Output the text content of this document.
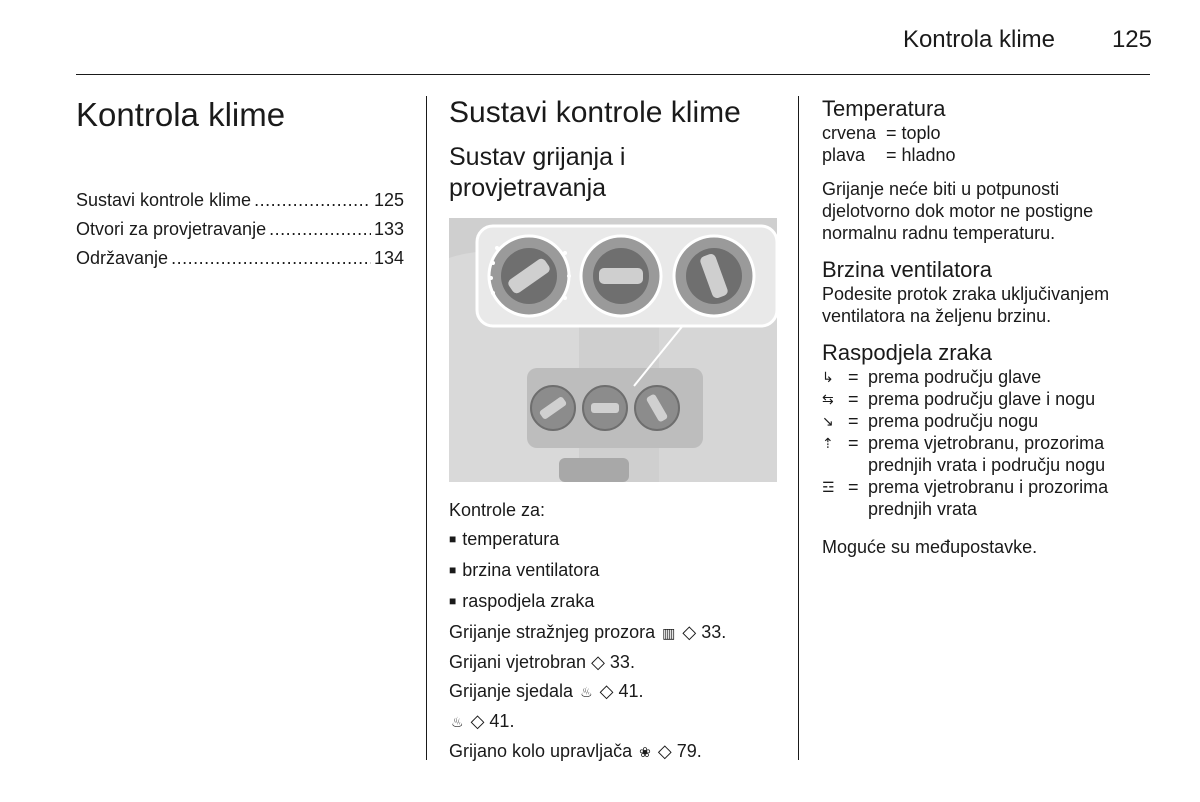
Kontrola klime 125
Kontrola klime
Sustavi kontrole klime .....	125
Otvori za provjetravanje .....	133
Održavanje .....	134
Sustavi kontrole klime
Sustav grijanja i
provjetravanja
Kontrole za:
■ temperatura
■ brzina ventilatora
■ raspodjela zraka
Grijanje stražnjeg prozora ▥ ◇ 33.
Grijani vjetrobran ◇ 33.
Grijanje sjedala ♨ ◇ 41.
♨ ◇ 41.
Grijano kolo upravljača ❀ ◇ 79.
Temperatura
crvena = toplo
plava	= hladno
Grijanje neće biti u potpunosti
djelotvorno dok motor ne postigne
normalnu radnu temperaturu.
Brzina ventilatora
Podesite protok zraka uključivanjem
ventilatora na željenu brzinu.
Raspodjela zraka
↳ = prema području glave
⇆ = prema području glave i nogu
↘ = prema području nogu
⇡ = prema vjetrobranu, prozorima
prednjih vrata i području nogu
☲ = prema vjetrobranu i prozorima
prednjih vrata
Moguće su međupostavke.
